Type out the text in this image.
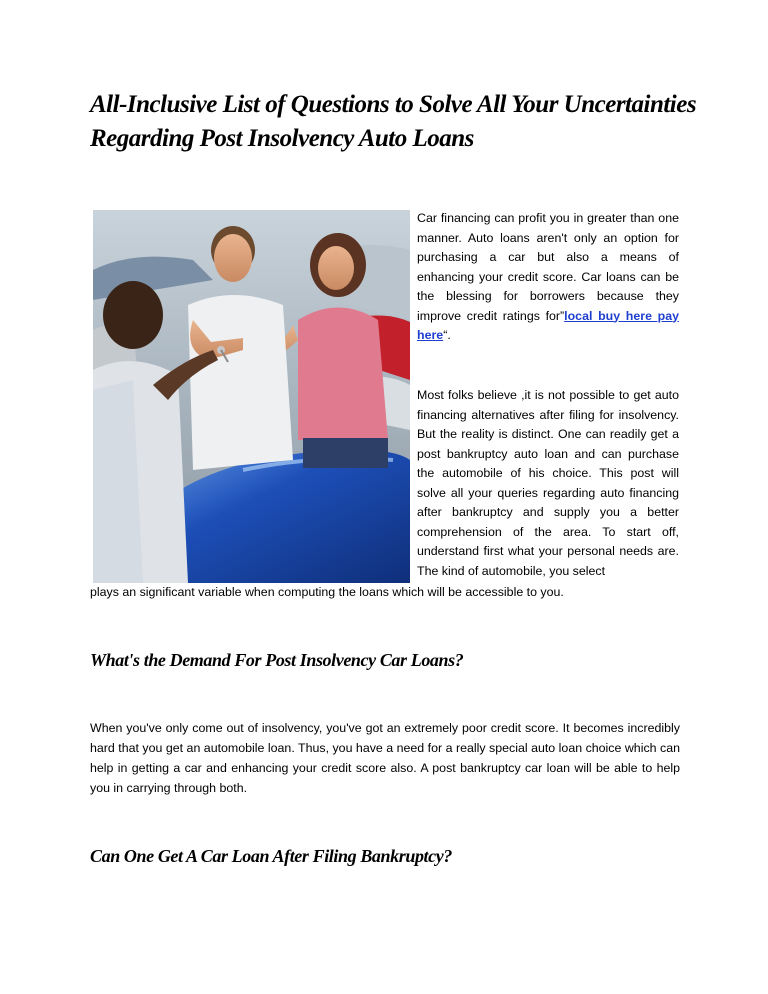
All-Inclusive List of Questions to Solve All Your Uncertainties
Regarding Post Insolvency Auto Loans

Car financing can profit you in greater than one manner. Auto loans aren't only an option for purchasing a car but also a means of enhancing your credit score. Car loans can be the blessing for borrowers because they improve credit ratings for”local buy here pay here“.

Most folks believe ,it is not possible to get auto financing alternatives after filing for insolvency. But the reality is distinct. One can readily get a post bankruptcy auto loan and can purchase the automobile of his choice. This post will solve all your queries regarding auto financing after bankruptcy and supply you a better comprehension of the area. To start off, understand first what your personal needs are. The kind of automobile, you select

plays an significant variable when computing the loans which will be accessible to you.

What's the Demand For Post Insolvency Car Loans?

When you've only come out of insolvency, you've got an extremely poor credit score. It becomes incredibly hard that you get an automobile loan. Thus, you have a need for a really special auto loan choice which can help in getting a car and enhancing your credit score also. A post bankruptcy car loan will be able to help you in carrying through both.

Can One Get A Car Loan After Filing Bankruptcy?
